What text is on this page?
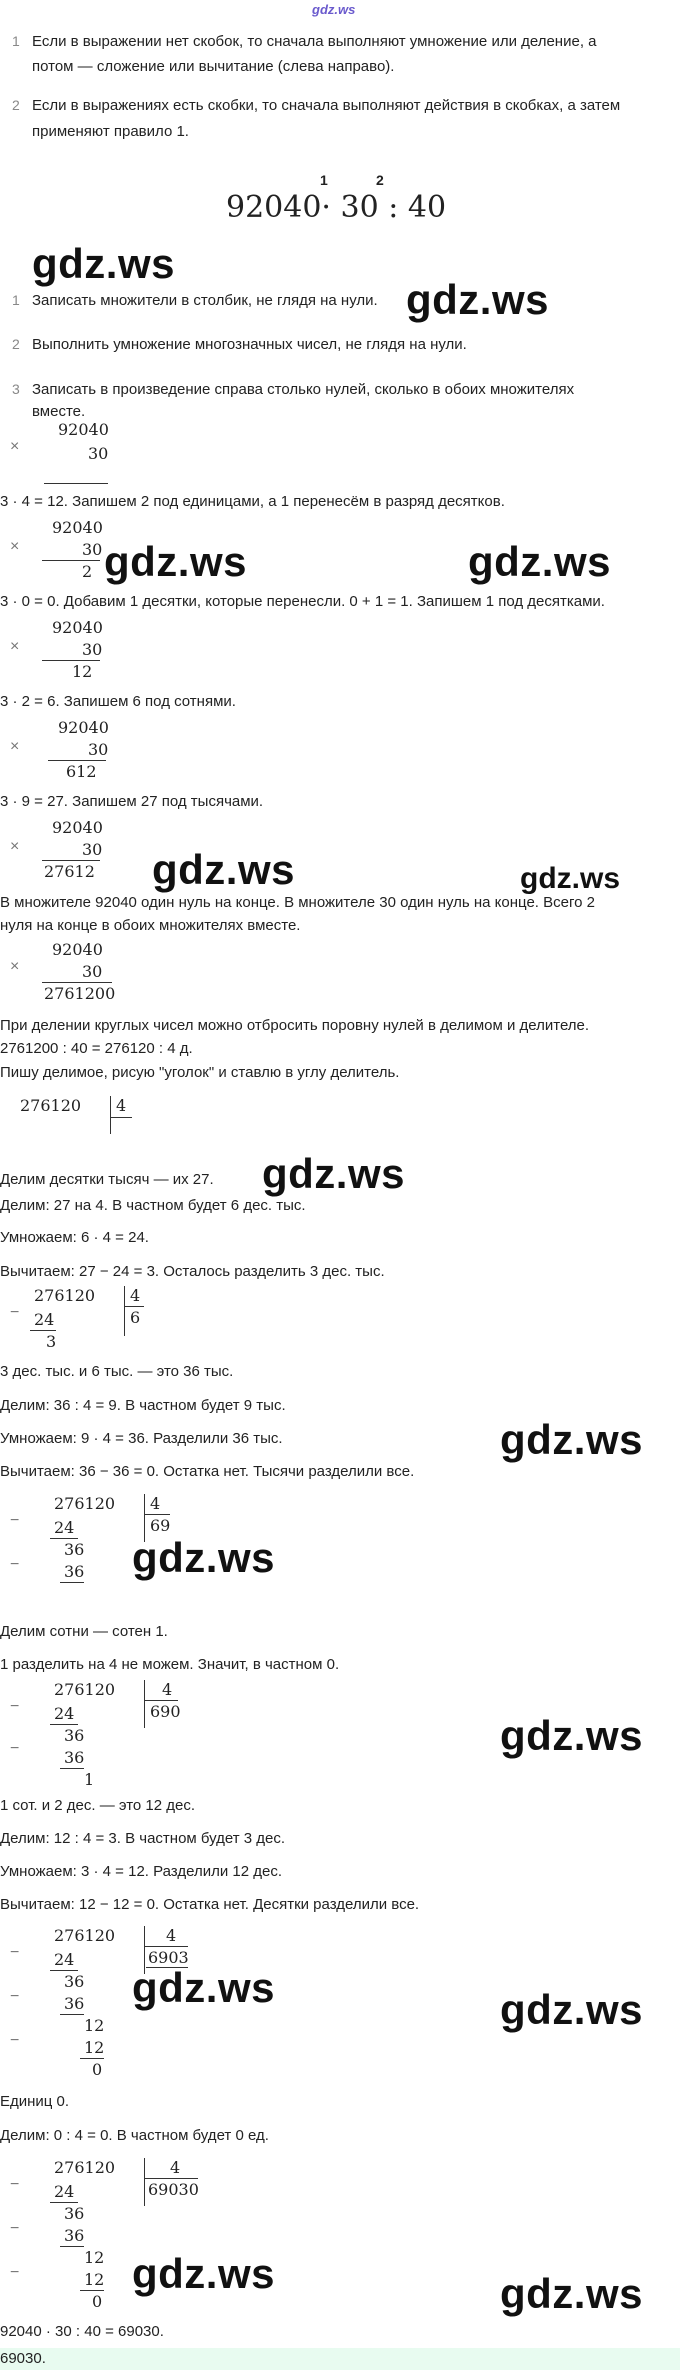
gdz.ws
1 Если в выражении нет скобок, то сначала выполняют умножение или деление, а
потом — сложение или вычитание (слева направо).
2 Если в выражениях есть скобки, то сначала выполняют действия в скобках, а затем
применяют правило 1.
1	2
92040· 30 : 40
gdz.ws
1 Записать множители в столбик, не глядя на нули. gdz.ws
2 Выполнить умножение многозначных чисел, не глядя на нули.
3 Записать в произведение справа столько нулей, сколько в обоих множителях
вместе.
×
92040
30
3 · 4 = 12. Запишем 2 под единицами, а 1 перенесём в разряд десятков.
×
92040
30
2 gdz.ws	gdz.ws
3 · 0 = 0. Добавим 1 десятки, которые перенесли. 0 + 1 = 1. Запишем 1 под десятками.
×
92040
30
12
3 · 2 = 6. Запишем 6 под сотнями.
×
92040
30
612
3 · 9 = 27. Запишем 27 под тысячами.
×
92040
30
27612 gdz.ws	gdz.ws
В множителе 92040 один нуль на конце. В множителе 30 один нуль на конце. Всего 2
нуля на конце в обоих множителях вместе.
×
92040
30
2761200
При делении круглых чисел можно отбросить поровну нулей в делимом и делителе.
2761200 : 40 = 276120 : 4 д.
Пишу делимое, рисую "уголок" и ставлю в углу делитель.
276120 4
Делим десятки тысяч — их 27. gdz.ws
Делим: 27 на 4. В частном будет 6 дес. тыс.
Умножаем: 6 · 4 = 24.
Вычитаем: 27 − 24 = 3. Осталось разделить 3 дес. тыс.
−
276120 4
6
24
3
3 дес. тыс. и 6 тыс. — это 36 тыс.
Делим: 36 : 4 = 9. В частном будет 9 тыс.
Умножаем: 9 · 4 = 36. Разделили 36 тыс.	gdz.ws
Вычитаем: 36 − 36 = 0. Остатка нет. Тысячи разделили все.
−
−
276120 4
69
24
36
36 gdz.ws
Делим сотни — сотен 1.
1 разделить на 4 не можем. Значит, в частном 0.
−
−
276120	4
690
24
36
36
1
gdz.ws
1 сот. и 2 дес. — это 12 дес.
Делим: 12 : 4 = 3. В частном будет 3 дес.
Умножаем: 3 · 4 = 12. Разделили 12 дес.
Вычитаем: 12 − 12 = 0. Остатка нет. Десятки разделили все.
−
−
−
276120	4
6903
24
36
36
12
12
0
gdz.ws	gdz.ws
Единиц 0.
Делим: 0 : 4 = 0. В частном будет 0 ед.
−
−
−
276120	4
69030
24
36
36
12
12
0
gdz.ws	gdz.ws
92040 · 30 : 40 = 69030.
69030.
